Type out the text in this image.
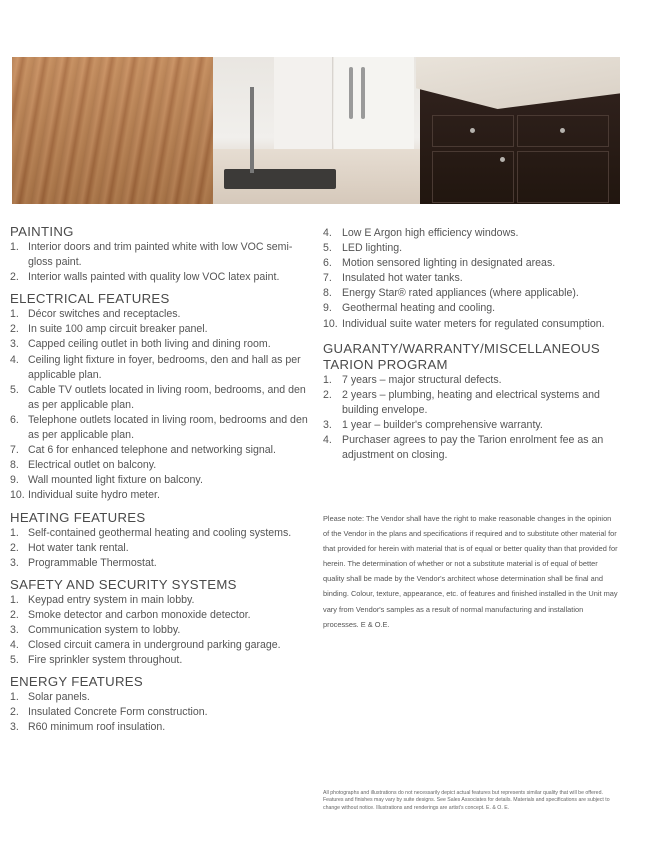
PAINTING
1. Interior doors and trim painted white with low VOC semi-gloss paint.
2. Interior walls painted with quality low VOC latex paint.
ELECTRICAL FEATURES
1. Décor switches and receptacles.
2. In suite 100 amp circuit breaker panel.
3. Capped ceiling outlet in both living and dining room.
4. Ceiling light fixture in foyer, bedrooms, den and hall as per applicable plan.
5. Cable TV outlets located in living room, bedrooms, and den as per applicable plan.
6. Telephone outlets located in living room, bedrooms and den as per applicable plan.
7. Cat 6 for enhanced telephone and networking signal.
8. Electrical outlet on balcony.
9. Wall mounted light fixture on balcony.
10. Individual suite hydro meter.
HEATING FEATURES
1. Self-contained geothermal heating and cooling systems.
2. Hot water tank rental.
3. Programmable Thermostat.
SAFETY AND SECURITY SYSTEMS
1. Keypad entry system in main lobby.
2. Smoke detector and carbon monoxide detector.
3. Communication system to lobby.
4. Closed circuit camera in underground parking garage.
5. Fire sprinkler system throughout.
ENERGY FEATURES
1. Solar panels.
2. Insulated Concrete Form construction.
3. R60 minimum roof insulation.
4. Low E Argon high efficiency windows.
5. LED lighting.
6. Motion sensored lighting in designated areas.
7. Insulated hot water tanks.
8. Energy Star® rated appliances (where applicable).
9. Geothermal heating and cooling.
10. Individual suite water meters for regulated consumption.
GUARANTY/WARRANTY/MISCELLANEOUS TARION PROGRAM
1. 7 years – major structural defects.
2. 2 years – plumbing, heating and electrical systems and building envelope.
3. 1 year – builder's comprehensive warranty.
4. Purchaser agrees to pay the Tarion enrolment fee as an adjustment on closing.
Please note: The Vendor shall have the right to make reasonable changes in the opinion of the Vendor in the plans and specifications if required and to substitute other material for that provided for herein with material that is of equal or better quality than that provided for herein. The determination of whether or not a substitute material is of equal of better quality shall be made by the Vendor's architect whose determination shall be final and binding. Colour, texture, appearance, etc. of features and finished installed in the Unit may vary from Vendor's samples as a result of normal manufacturing and installation processes. E & O.E.
All photographs and illustrations do not necessarily depict actual features but represents similar quality that will be offered. Features and finishes may vary by suite designs. See Sales Associates for details. Materials and specifications are subject to change without notice. Illustrations and renderings are artist's concept. E. & O. E.
